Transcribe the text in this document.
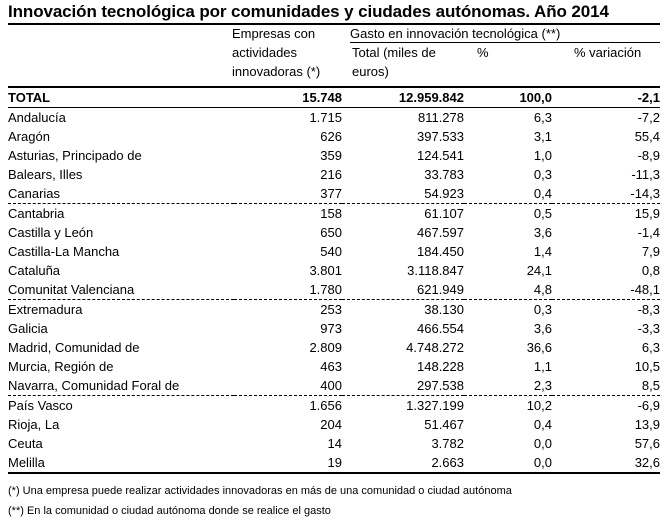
Innovación tecnológica por comunidades y ciudades autónomas. Año 2014
Empresas con actividades innovadoras (*)
Gasto en innovación tecnológica (**)
Total (miles de euros)
%	% variación
TOTAL	15.748	12.959.842	100,0	-2,1
Andalucía	1.715	811.278	6,3	-7,2
Aragón	626	397.533	3,1	55,4
Asturias, Principado de	359	124.541	1,0	-8,9
Balears, Illes	216	33.783	0,3	-11,3
Canarias	377	54.923	0,4	-14,3
Cantabria	158	61.107	0,5	15,9
Castilla y León	650	467.597	3,6	-1,4
Castilla-La Mancha	540	184.450	1,4	7,9
Cataluña	3.801	3.118.847	24,1	0,8
Comunitat Valenciana	1.780	621.949	4,8	-48,1
Extremadura	253	38.130	0,3	-8,3
Galicia	973	466.554	3,6	-3,3
Madrid, Comunidad de	2.809	4.748.272	36,6	6,3
Murcia, Región de	463	148.228	1,1	10,5
Navarra, Comunidad Foral de	400	297.538	2,3	8,5
País Vasco	1.656	1.327.199	10,2	-6,9
Rioja, La	204	51.467	0,4	13,9
Ceuta	14	3.782	0,0	57,6
Melilla	19	2.663	0,0	32,6
(*) Una empresa puede realizar actividades innovadoras en más de una comunidad o ciudad autónoma
(**) En la comunidad o ciudad autónoma donde se realice el gasto
